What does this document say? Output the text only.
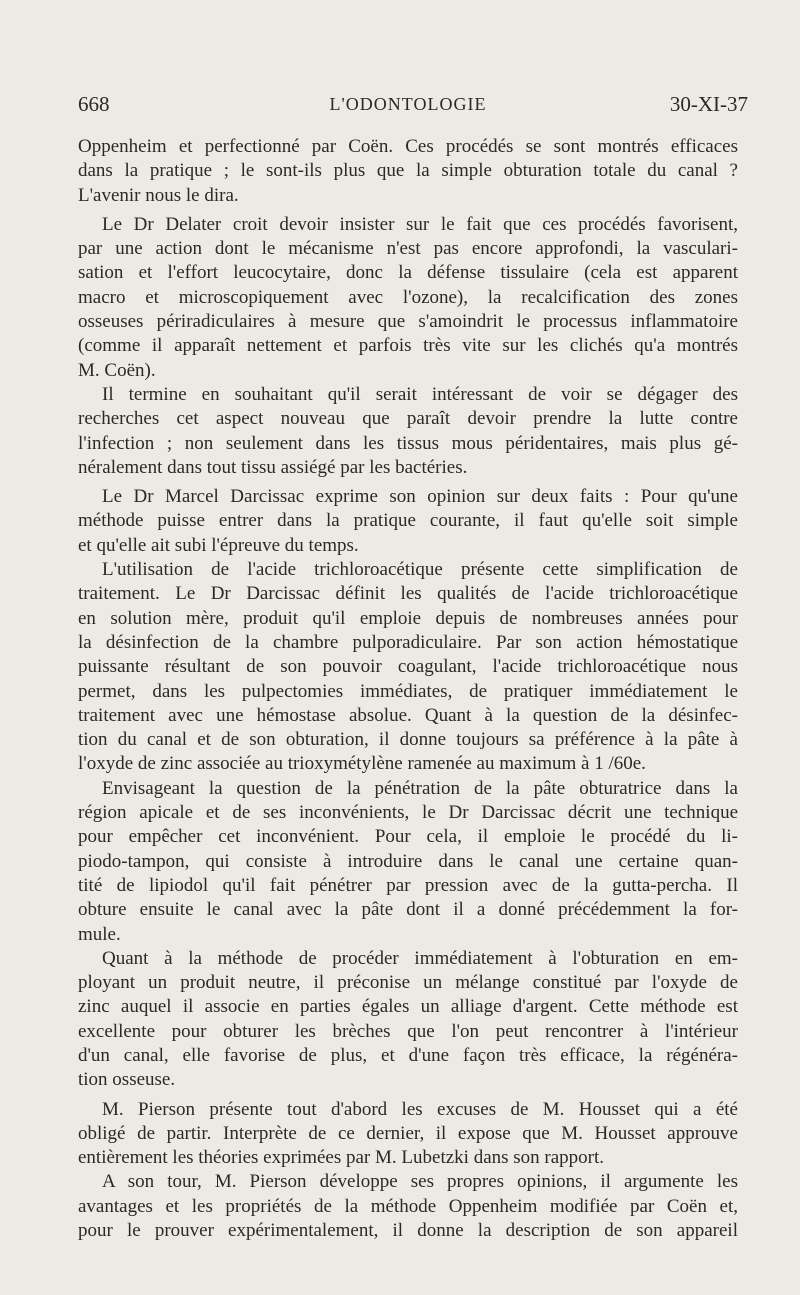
668	L'ODONTOLOGIE	30-XI-37
Oppenheim et perfectionné par Coën. Ces procédés se sont montrés efficaces
dans la pratique ; le sont-ils plus que la simple obturation totale du canal ?
L'avenir nous le dira.
Le Dr Delater croit devoir insister sur le fait que ces procédés favorisent,
par une action dont le mécanisme n'est pas encore approfondi, la vasculari-
sation et l'effort leucocytaire, donc la défense tissulaire (cela est apparent
macro et microscopiquement avec l'ozone), la recalcification des zones
osseuses périradiculaires à mesure que s'amoindrit le processus inflammatoire
(comme il apparaît nettement et parfois très vite sur les clichés qu'a montrés
M. Coën).
Il termine en souhaitant qu'il serait intéressant de voir se dégager des
recherches cet aspect nouveau que paraît devoir prendre la lutte contre
l'infection ; non seulement dans les tissus mous péridentaires, mais plus gé-
néralement dans tout tissu assiégé par les bactéries.
Le Dr Marcel Darcissac exprime son opinion sur deux faits : Pour qu'une
méthode puisse entrer dans la pratique courante, il faut qu'elle soit simple
et qu'elle ait subi l'épreuve du temps.
L'utilisation de l'acide trichloroacétique présente cette simplification de
traitement. Le Dr Darcissac définit les qualités de l'acide trichloroacétique
en solution mère, produit qu'il emploie depuis de nombreuses années pour
la désinfection de la chambre pulporadiculaire. Par son action hémostatique
puissante résultant de son pouvoir coagulant, l'acide trichloroacétique nous
permet, dans les pulpectomies immédiates, de pratiquer immédiatement le
traitement avec une hémostase absolue. Quant à la question de la désinfec-
tion du canal et de son obturation, il donne toujours sa préférence à la pâte à
l'oxyde de zinc associée au trioxymétylène ramenée au maximum à 1 /60e.
Envisageant la question de la pénétration de la pâte obturatrice dans la
région apicale et de ses inconvénients, le Dr Darcissac décrit une technique
pour empêcher cet inconvénient. Pour cela, il emploie le procédé du li-
piodo-tampon, qui consiste à introduire dans le canal une certaine quan-
tité de lipiodol qu'il fait pénétrer par pression avec de la gutta-percha. Il
obture ensuite le canal avec la pâte dont il a donné précédemment la for-
mule.
Quant à la méthode de procéder immédiatement à l'obturation en em-
ployant un produit neutre, il préconise un mélange constitué par l'oxyde de
zinc auquel il associe en parties égales un alliage d'argent. Cette méthode est
excellente pour obturer les brèches que l'on peut rencontrer à l'intérieur
d'un canal, elle favorise de plus, et d'une façon très efficace, la régénéra-
tion osseuse.
M. Pierson présente tout d'abord les excuses de M. Housset qui a été
obligé de partir. Interprète de ce dernier, il expose que M. Housset approuve
entièrement les théories exprimées par M. Lubetzki dans son rapport.
A son tour, M. Pierson développe ses propres opinions, il argumente les
avantages et les propriétés de la méthode Oppenheim modifiée par Coën et,
pour le prouver expérimentalement, il donne la description de son appareil
